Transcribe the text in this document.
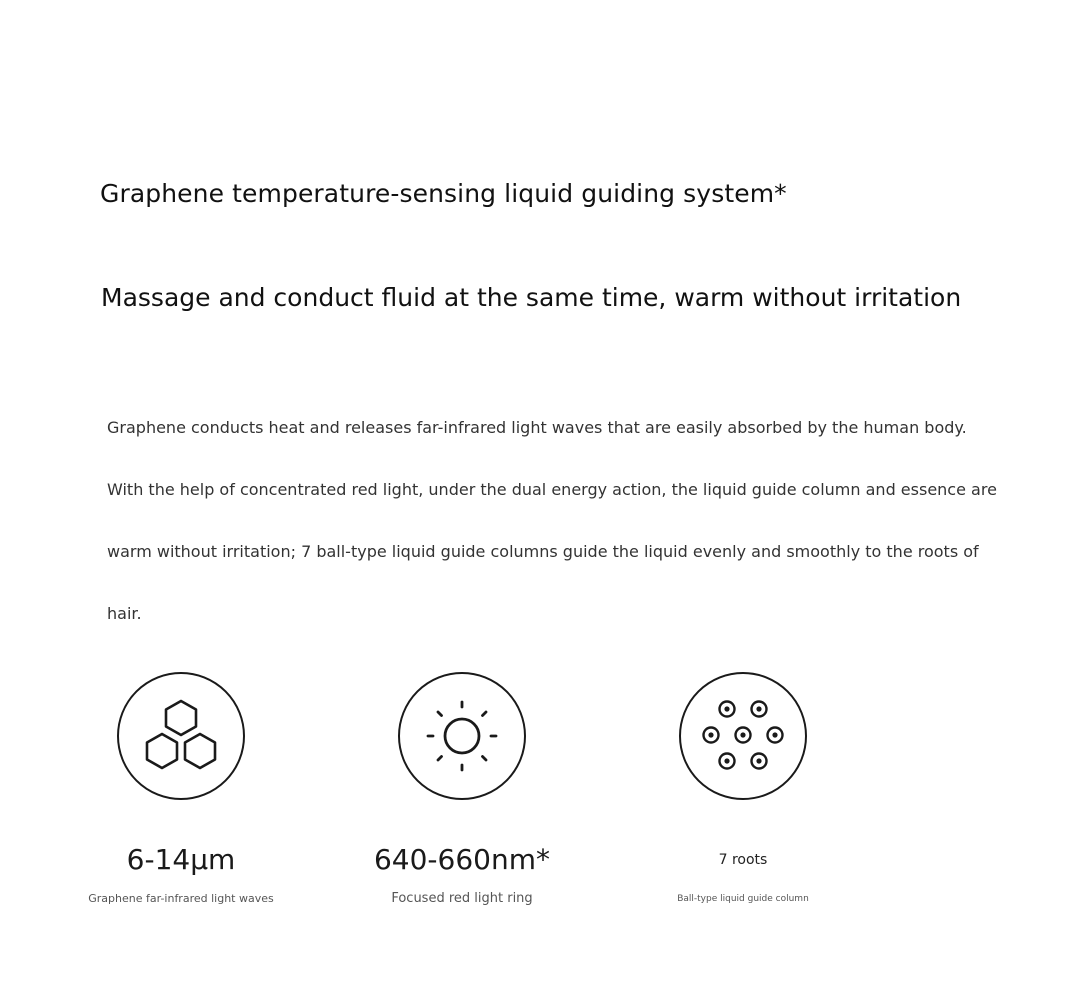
Graphene temperature-sensing liquid guiding system*
Massage and conduct fluid at the same time, warm without irritation
Graphene conducts heat and releases far-infrared light waves that are easily absorbed by the human body. With the help of concentrated red light, under the dual energy action, the liquid guide column and essence are warm without irritation; 7 ball-type liquid guide columns guide the liquid evenly and smoothly to the roots of hair.
6-14µm
Graphene far-infrared light waves
640-660nm*
Focused red light ring
7 roots
Ball-type liquid guide column
